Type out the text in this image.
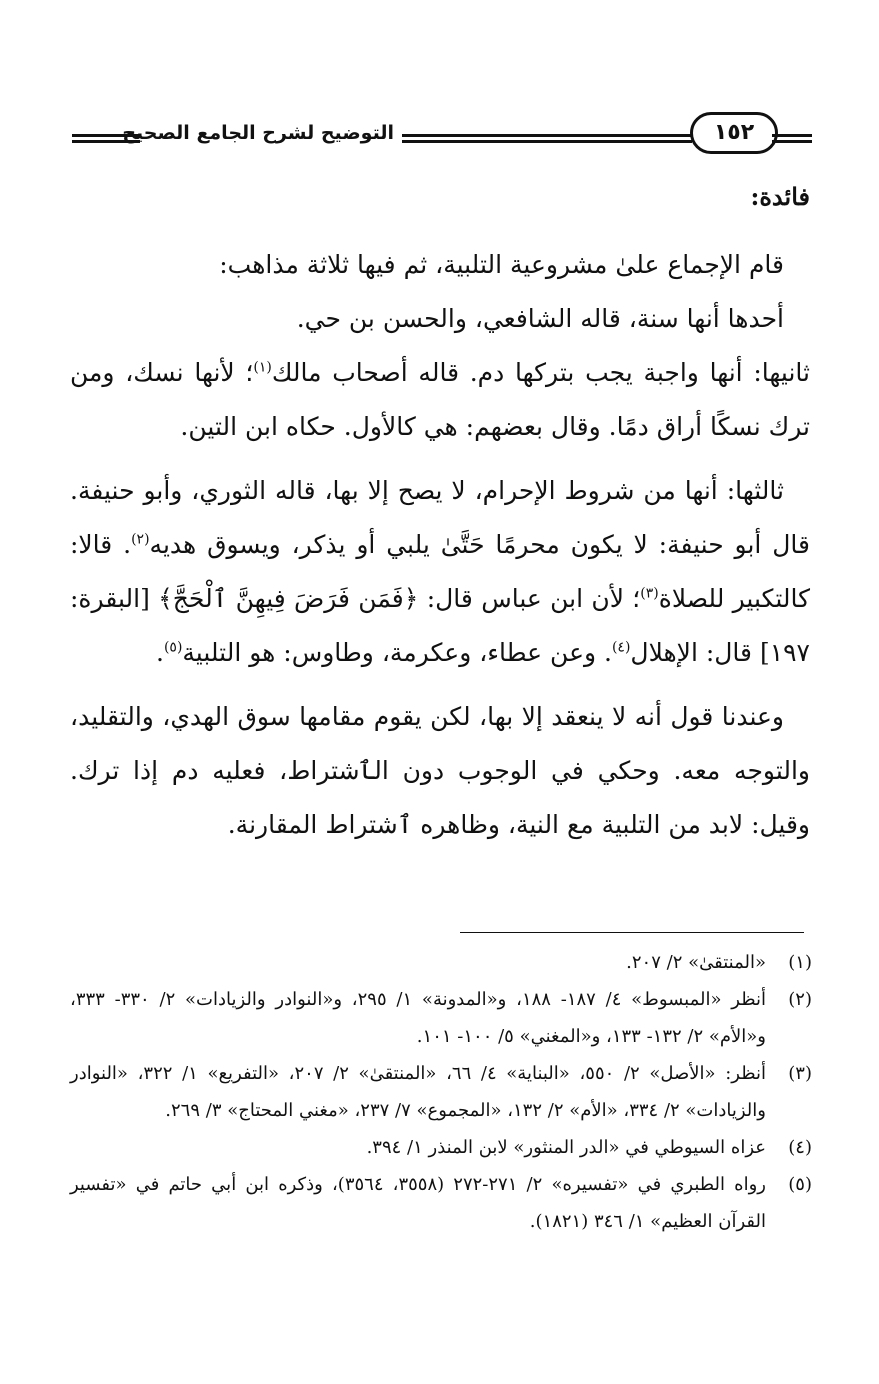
التوضيح لشرح الجامع الصحيح	١٥٢

فائدة:

قام الإجماع علىٰ مشروعية التلبية، ثم فيها ثلاثة مذاهب:

أحدها أنها سنة، قاله الشافعي، والحسن بن حي.

ثانيها: أنها واجبة يجب بتركها دم. قاله أصحاب مالك$^{(١)}$؛ لأنها نسك، ومن ترك نسكًا أراق دمًا. وقال بعضهم: هي كالأول. حكاه ابن التين.

ثالثها: أنها من شروط الإحرام، لا يصح إلا بها، قاله الثوري، وأبو حنيفة. قال أبو حنيفة: لا يكون محرمًا حَتَّىٰ يلبي أو يذكر، ويسوق هديه$^{(٢)}$. قالا: كالتكبير للصلاة$^{(٣)}$؛ لأن ابن عباس قال: ﴿فَمَن فَرَضَ فِيهِنَّ ٱلْحَجَّ﴾ [البقرة: ١٩٧] قال: الإهلال$^{(٤)}$. وعن عطاء، وعكرمة، وطاوس: هو التلبية$^{(٥)}$.

وعندنا قول أنه لا ينعقد إلا بها، لكن يقوم مقامها سوق الهدي، والتقليد، والتوجه معه. وحكي في الوجوب دون الٱشتراط، فعليه دم إذا ترك. وقيل: لابد من التلبية مع النية، وظاهره ٱشتراط المقارنة.

(١)
«المنتقىٰ» ٢/ ٢٠٧.
(٢)
أنظر «المبسوط» ٤/ ١٨٧- ١٨٨، و«المدونة» ١/ ٢٩٥، و«النوادر والزيادات» ٢/ ٣٣٠- ٣٣٣، و«الأم» ٢/ ١٣٢- ١٣٣، و«المغني» ٥/ ١٠٠- ١٠١.
(٣)
أنظر: «الأصل» ٢/ ٥٥٠، «البناية» ٤/ ٦٦، «المنتقىٰ» ٢/ ٢٠٧، «التفريع» ١/ ٣٢٢، «النوادر والزيادات» ٢/ ٣٣٤، «الأم» ٢/ ١٣٢، «المجموع» ٧/ ٢٣٧، «مغني المحتاج» ٣/ ٢٦٩.
(٤)
عزاه السيوطي في «الدر المنثور» لابن المنذر ١/ ٣٩٤.
(٥)
رواه الطبري في «تفسيره» ٢/ ٢٧١-٢٧٢ (٣٥٥٨، ٣٥٦٤)، وذكره ابن أبي حاتم في «تفسير القرآن العظيم» ١/ ٣٤٦ (١٨٢١).
